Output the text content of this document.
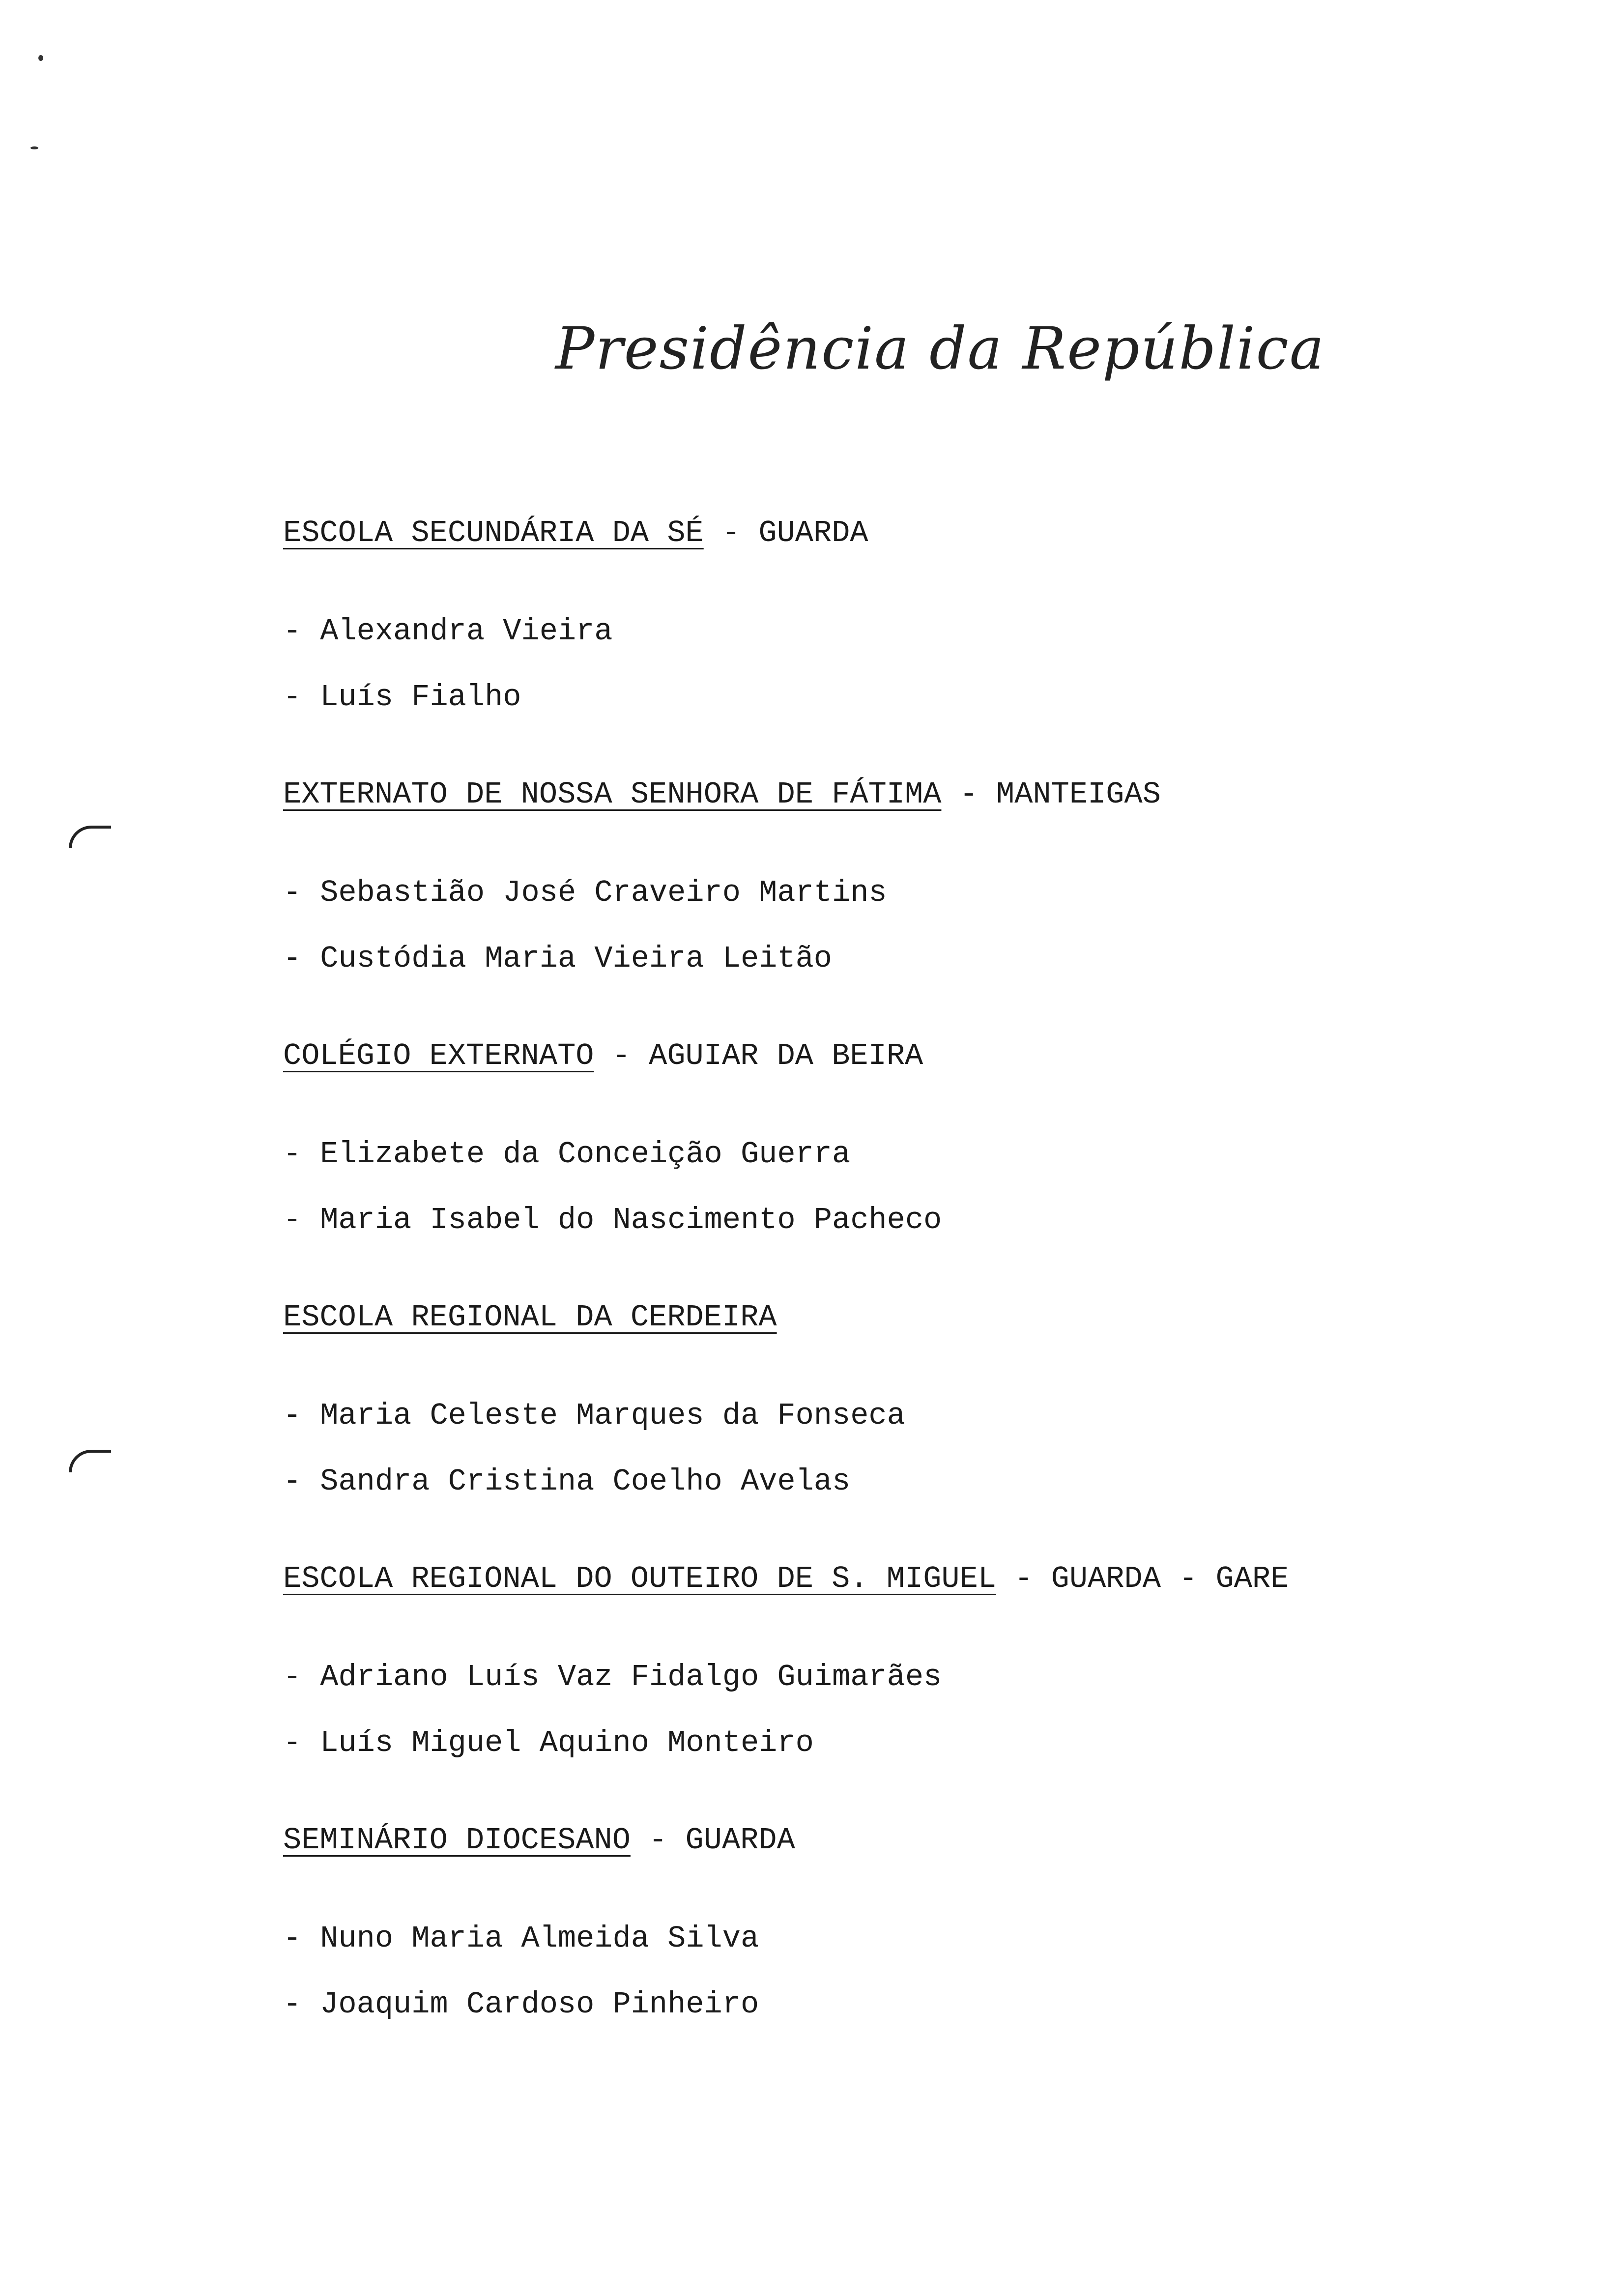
Presidência da República
ESCOLA SECUNDÁRIA DA SÉ - GUARDA
- Alexandra Vieira
- Luís Fialho
EXTERNATO DE NOSSA SENHORA DE FÁTIMA - MANTEIGAS
- Sebastião José Craveiro Martins
- Custódia Maria Vieira Leitão
COLÉGIO EXTERNATO - AGUIAR DA BEIRA
- Elizabete da Conceição Guerra
- Maria Isabel do Nascimento Pacheco
ESCOLA REGIONAL DA CERDEIRA
- Maria Celeste Marques da Fonseca
- Sandra Cristina Coelho Avelas
ESCOLA REGIONAL DO OUTEIRO DE S. MIGUEL - GUARDA - GARE
- Adriano Luís Vaz Fidalgo Guimarães
- Luís Miguel Aquino Monteiro
SEMINÁRIO DIOCESANO - GUARDA
- Nuno Maria Almeida Silva
- Joaquim Cardoso Pinheiro
